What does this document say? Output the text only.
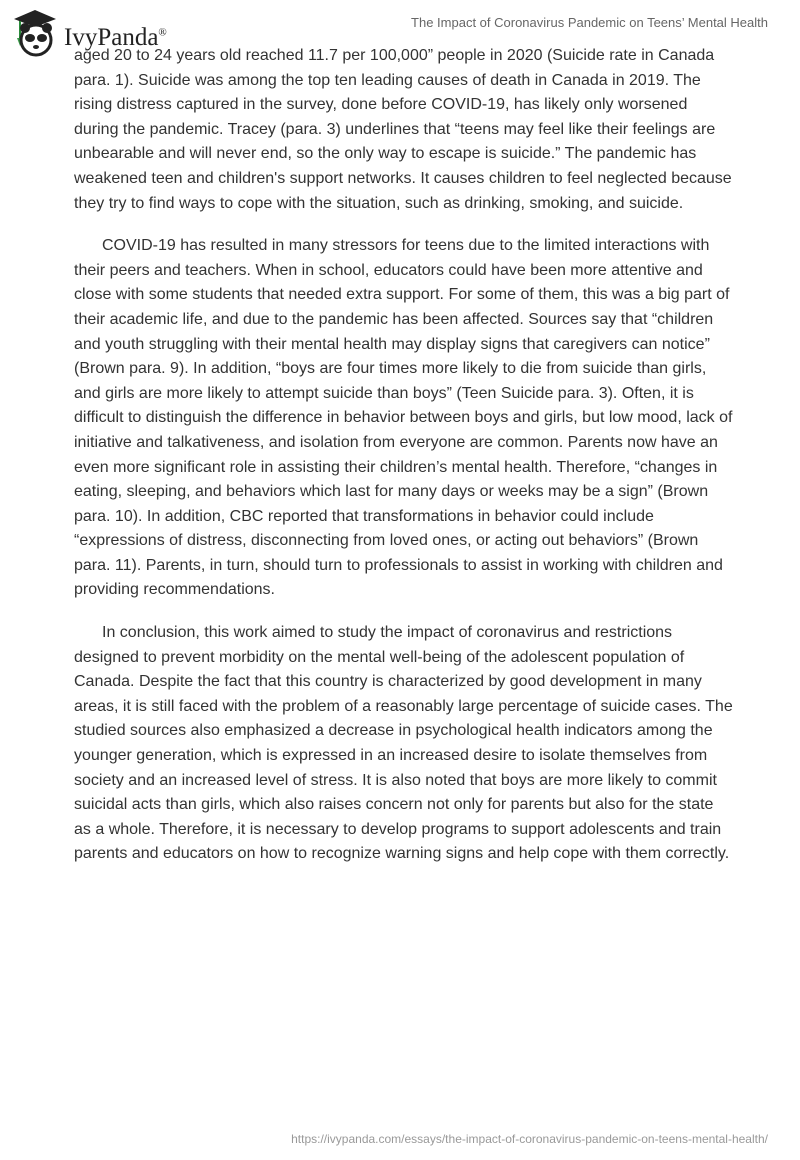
IvyPanda®
The Impact of Coronavirus Pandemic on Teens’ Mental Health

aged 20 to 24 years old reached 11.7 per 100,000” people in 2020 (Suicide rate in Canada para. 1). Suicide was among the top ten leading causes of death in Canada in 2019. The rising distress captured in the survey, done before COVID-19, has likely only worsened during the pandemic. Tracey (para. 3) underlines that “teens may feel like their feelings are unbearable and will never end, so the only way to escape is suicide.” The pandemic has weakened teen and children's support networks. It causes children to feel neglected because they try to find ways to cope with the situation, such as drinking, smoking, and suicide.

COVID-19 has resulted in many stressors for teens due to the limited interactions with their peers and teachers. When in school, educators could have been more attentive and close with some students that needed extra support. For some of them, this was a big part of their academic life, and due to the pandemic has been affected. Sources say that “children and youth struggling with their mental health may display signs that caregivers can notice” (Brown para. 9). In addition, “boys are four times more likely to die from suicide than girls, and girls are more likely to attempt suicide than boys” (Teen Suicide para. 3). Often, it is difficult to distinguish the difference in behavior between boys and girls, but low mood, lack of initiative and talkativeness, and isolation from everyone are common. Parents now have an even more significant role in assisting their children’s mental health. Therefore, “changes in eating, sleeping, and behaviors which last for many days or weeks may be a sign” (Brown para. 10). In addition, CBC reported that transformations in behavior could include “expressions of distress, disconnecting from loved ones, or acting out behaviors” (Brown para. 11). Parents, in turn, should turn to professionals to assist in working with children and providing recommendations.

In conclusion, this work aimed to study the impact of coronavirus and restrictions designed to prevent morbidity on the mental well-being of the adolescent population of Canada. Despite the fact that this country is characterized by good development in many areas, it is still faced with the problem of a reasonably large percentage of suicide cases. The studied sources also emphasized a decrease in psychological health indicators among the younger generation, which is expressed in an increased desire to isolate themselves from society and an increased level of stress. It is also noted that boys are more likely to commit suicidal acts than girls, which also raises concern not only for parents but also for the state as a whole. Therefore, it is necessary to develop programs to support adolescents and train parents and educators on how to recognize warning signs and help cope with them correctly.

https://ivypanda.com/essays/the-impact-of-coronavirus-pandemic-on-teens-mental-health/
